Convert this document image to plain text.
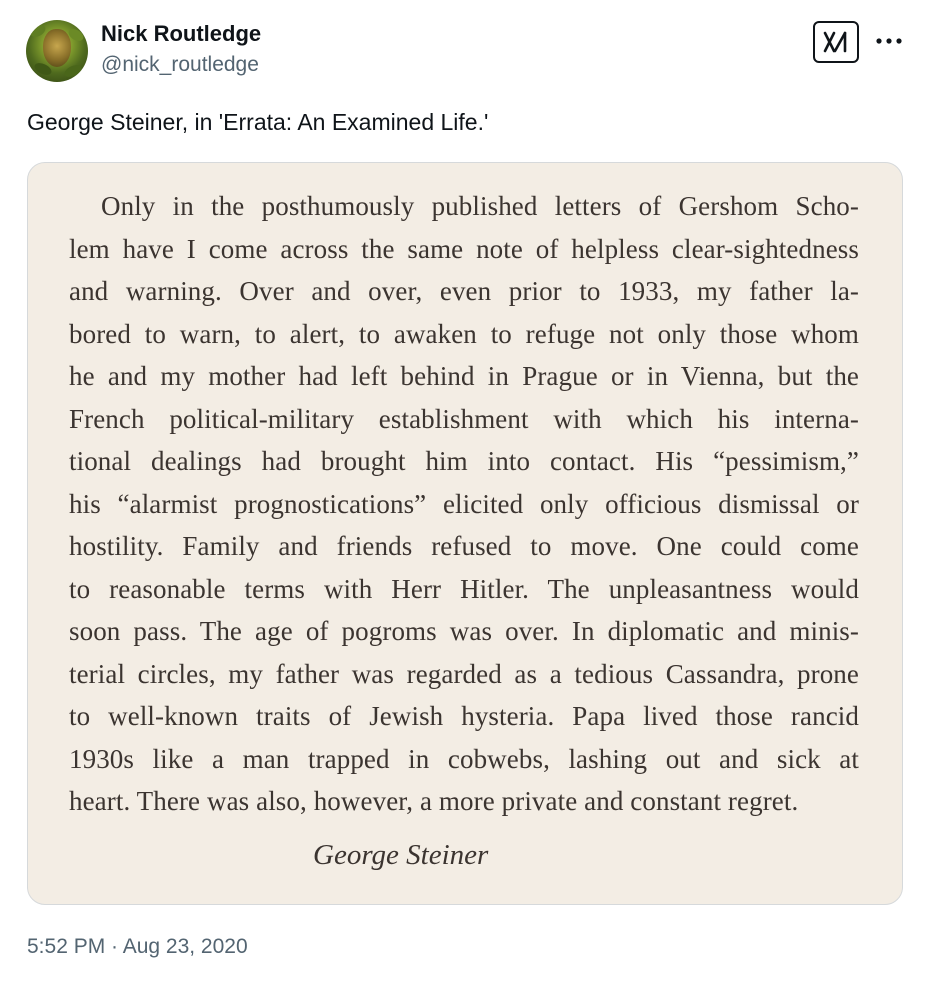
Nick Routledge
@nick_routledge
George Steiner, in 'Errata: An Examined Life.'
Only in the posthumously published letters of Gershom Scho-
lem have I come across the same note of helpless clear-sightedness
and warning. Over and over, even prior to 1933, my father la-
bored to warn, to alert, to awaken to refuge not only those whom
he and my mother had left behind in Prague or in Vienna, but the
French political-military establishment with which his interna-
tional dealings had brought him into contact. His “pessimism,”
his “alarmist prognostications” elicited only officious dismissal or
hostility. Family and friends refused to move. One could come
to reasonable terms with Herr Hitler. The unpleasantness would
soon pass. The age of pogroms was over. In diplomatic and minis-
terial circles, my father was regarded as a tedious Cassandra, prone
to well-known traits of Jewish hysteria. Papa lived those rancid
1930s like a man trapped in cobwebs, lashing out and sick at
heart. There was also, however, a more private and constant regret.
George Steiner
5:52 PM · Aug 23, 2020
